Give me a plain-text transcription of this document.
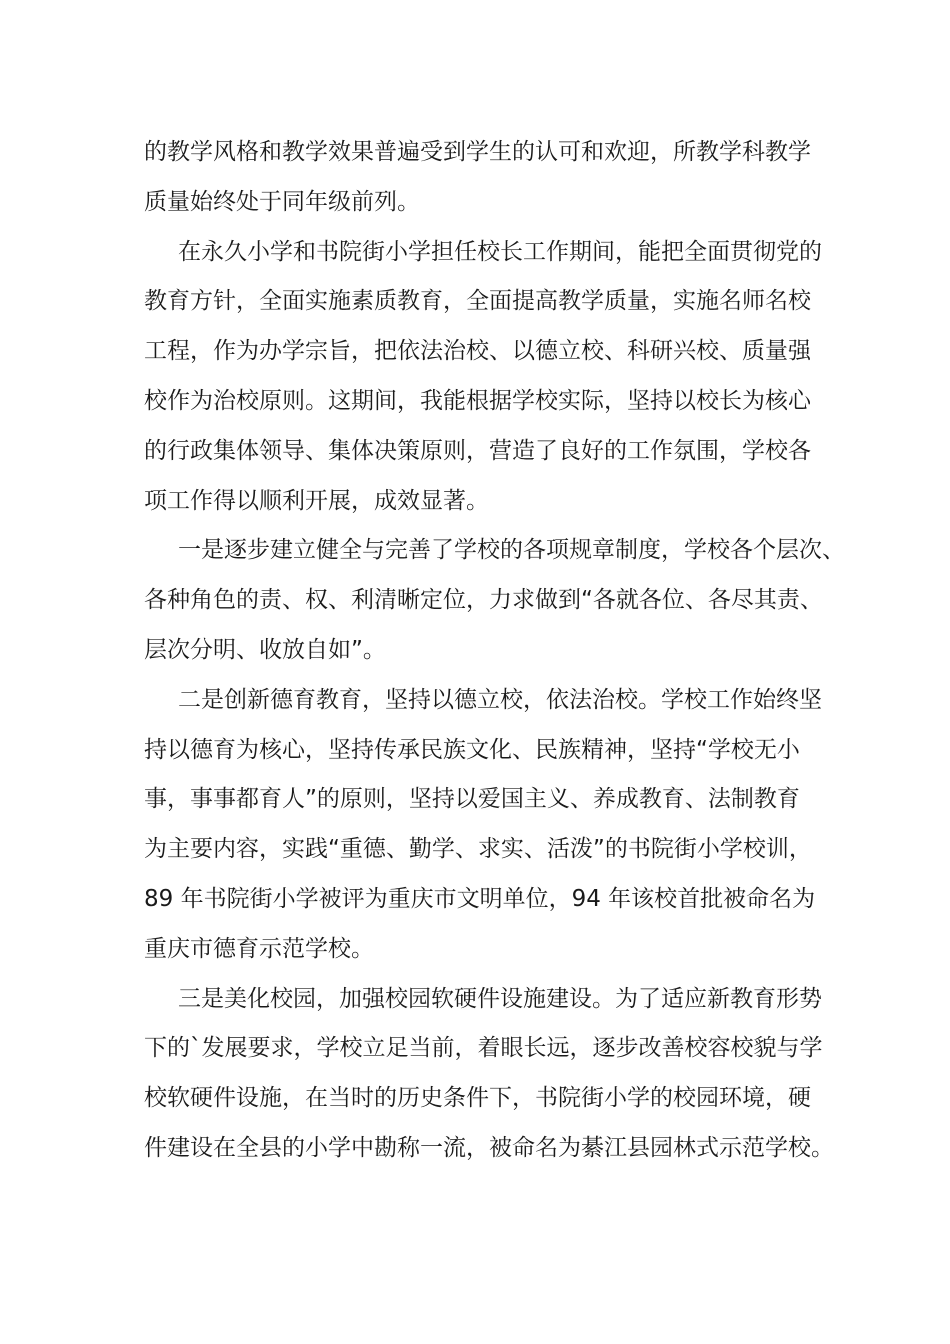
的教学风格和教学效果普遍受到学生的认可和欢迎，所教学科教学
质量始终处于同年级前列。

在永久小学和书院街小学担任校长工作期间，能把全面贯彻党的
教育方针，全面实施素质教育，全面提高教学质量，实施名师名校
工程，作为办学宗旨，把依法治校、以德立校、科研兴校、质量强
校作为治校原则。这期间，我能根据学校实际，坚持以校长为核心
的行政集体领导、集体决策原则，营造了良好的工作氛围，学校各
项工作得以顺利开展，成效显著。

一是逐步建立健全与完善了学校的各项规章制度，学校各个层次、
各种角色的责、权、利清晰定位，力求做到“各就各位、各尽其责、
层次分明、收放自如”。

二是创新德育教育，坚持以德立校，依法治校。学校工作始终坚
持以德育为核心，坚持传承民族文化、民族精神，坚持“学校无小
事，事事都育人”的原则，坚持以爱国主义、养成教育、法制教育
为主要内容，实践“重德、勤学、求实、活泼”的书院街小学校训，
89 年书院街小学被评为重庆市文明单位，94 年该校首批被命名为
重庆市德育示范学校。

三是美化校园，加强校园软硬件设施建设。为了适应新教育形势
下的`发展要求，学校立足当前，着眼长远，逐步改善校容校貌与学
校软硬件设施，在当时的历史条件下，书院街小学的校园环境，硬
件建设在全县的小学中勘称一流，被命名为綦江县园林式示范学校。
